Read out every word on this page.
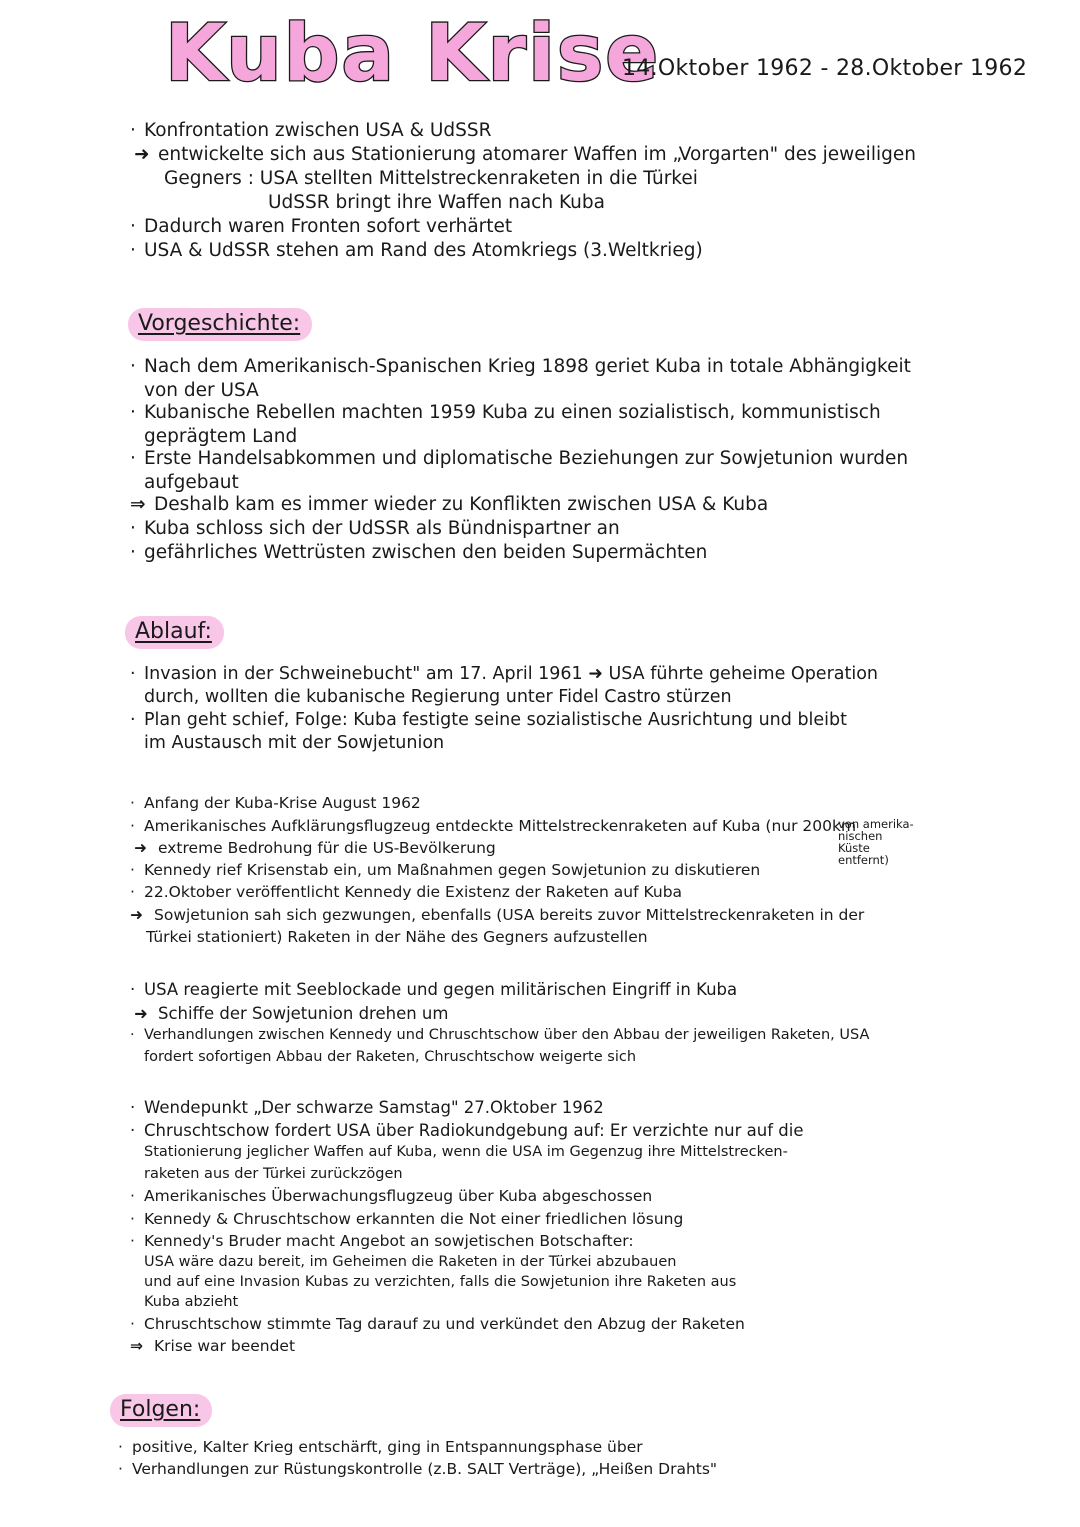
Kuba Krise
14.Oktober 1962 - 28.Oktober 1962
· Konfrontation zwischen USA & UdSSR
➜ entwickelte sich aus Stationierung atomarer Waffen im „Vorgarten" des jeweiligen
Gegners : USA stellten Mittelstreckenraketen in die Türkei
UdSSR bringt ihre Waffen nach Kuba
· Dadurch waren Fronten sofort verhärtet
· USA & UdSSR stehen am Rand des Atomkriegs (3.Weltkrieg)
Vorgeschichte:
· Nach dem Amerikanisch-Spanischen Krieg 1898 geriet Kuba in totale Abhängigkeit
von der USA
· Kubanische Rebellen machten 1959 Kuba zu einen sozialistisch, kommunistisch
geprägtem Land
· Erste Handelsabkommen und diplomatische Beziehungen zur Sowjetunion wurden
aufgebaut
⇒ Deshalb kam es immer wieder zu Konflikten zwischen USA & Kuba
· Kuba schloss sich der UdSSR als Bündnispartner an
· gefährliches Wettrüsten zwischen den beiden Supermächten
Ablauf:
· Invasion in der Schweinebucht" am 17. April 1961 ➜ USA führte geheime Operation
durch, wollten die kubanische Regierung unter Fidel Castro stürzen
· Plan geht schief, Folge: Kuba festigte seine sozialistische Ausrichtung und bleibt
im Austausch mit der Sowjetunion
· Anfang der Kuba-Krise August 1962
· Amerikanisches Aufklärungsflugzeug entdeckte Mittelstreckenraketen auf Kuba (nur 200km
➜ extreme Bedrohung für die US-Bevölkerung
· Kennedy rief Krisenstab ein, um Maßnahmen gegen Sowjetunion zu diskutieren
· 22.Oktober veröffentlicht Kennedy die Existenz der Raketen auf Kuba
➜ Sowjetunion sah sich gezwungen, ebenfalls (USA bereits zuvor Mittelstreckenraketen in der
Türkei stationiert) Raketen in der Nähe des Gegners aufzustellen
von amerika-
nischen
Küste
entfernt)
· USA reagierte mit Seeblockade und gegen militärischen Eingriff in Kuba
➜ Schiffe der Sowjetunion drehen um
· Verhandlungen zwischen Kennedy und Chruschtschow über den Abbau der jeweiligen Raketen, USA
fordert sofortigen Abbau der Raketen, Chruschtschow weigerte sich
· Wendepunkt „Der schwarze Samstag" 27.Oktober 1962
· Chruschtschow fordert USA über Radiokundgebung auf: Er verzichte nur auf die
Stationierung jeglicher Waffen auf Kuba, wenn die USA im Gegenzug ihre Mittelstrecken-
raketen aus der Türkei zurückzögen
· Amerikanisches Überwachungsflugzeug über Kuba abgeschossen
· Kennedy & Chruschtschow erkannten die Not einer friedlichen lösung
· Kennedy's Bruder macht Angebot an sowjetischen Botschafter:
USA wäre dazu bereit, im Geheimen die Raketen in der Türkei abzubauen
und auf eine Invasion Kubas zu verzichten, falls die Sowjetunion ihre Raketen aus
Kuba abzieht
· Chruschtschow stimmte Tag darauf zu und verkündet den Abzug der Raketen
⇒ Krise war beendet
Folgen:
· positive, Kalter Krieg entschärft, ging in Entspannungsphase über
· Verhandlungen zur Rüstungskontrolle (z.B. SALT Verträge), „Heißen Drahts"
